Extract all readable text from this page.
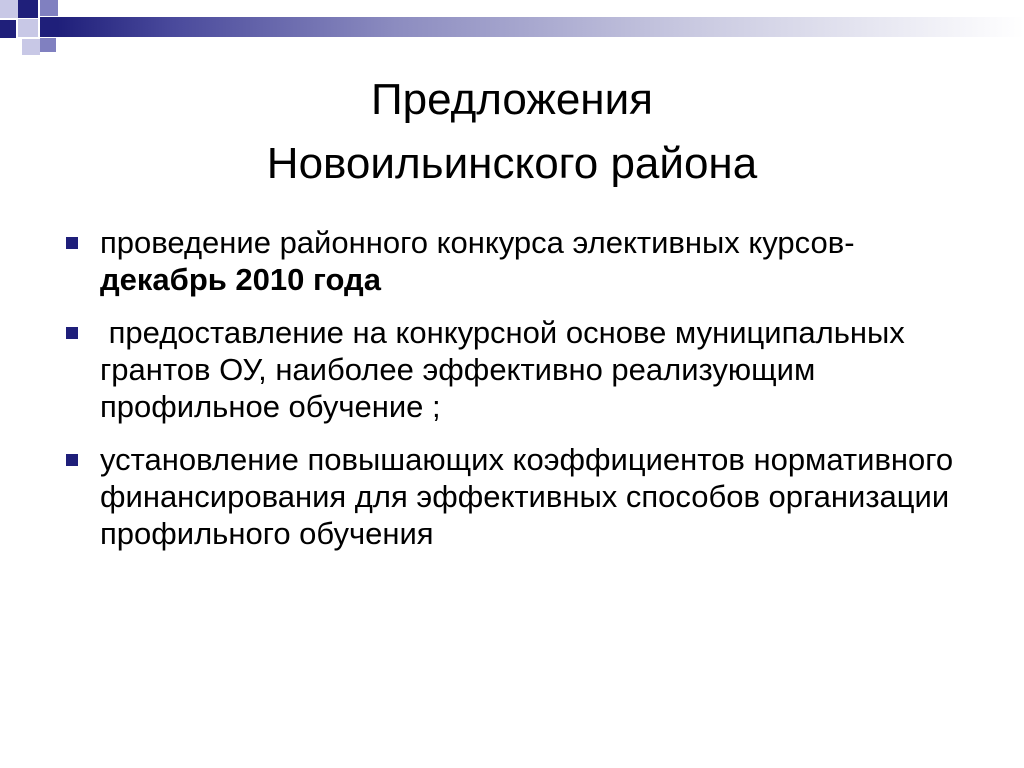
Предложения
Новоильинского района
проведение районного конкурса элективных курсов- декабрь 2010 года
предоставление на конкурсной основе муниципальных  грантов ОУ, наиболее эффективно реализующим профильное обучение ;
установление повышающих коэффициентов нормативного финансирования для эффективных способов организации профильного обучения
